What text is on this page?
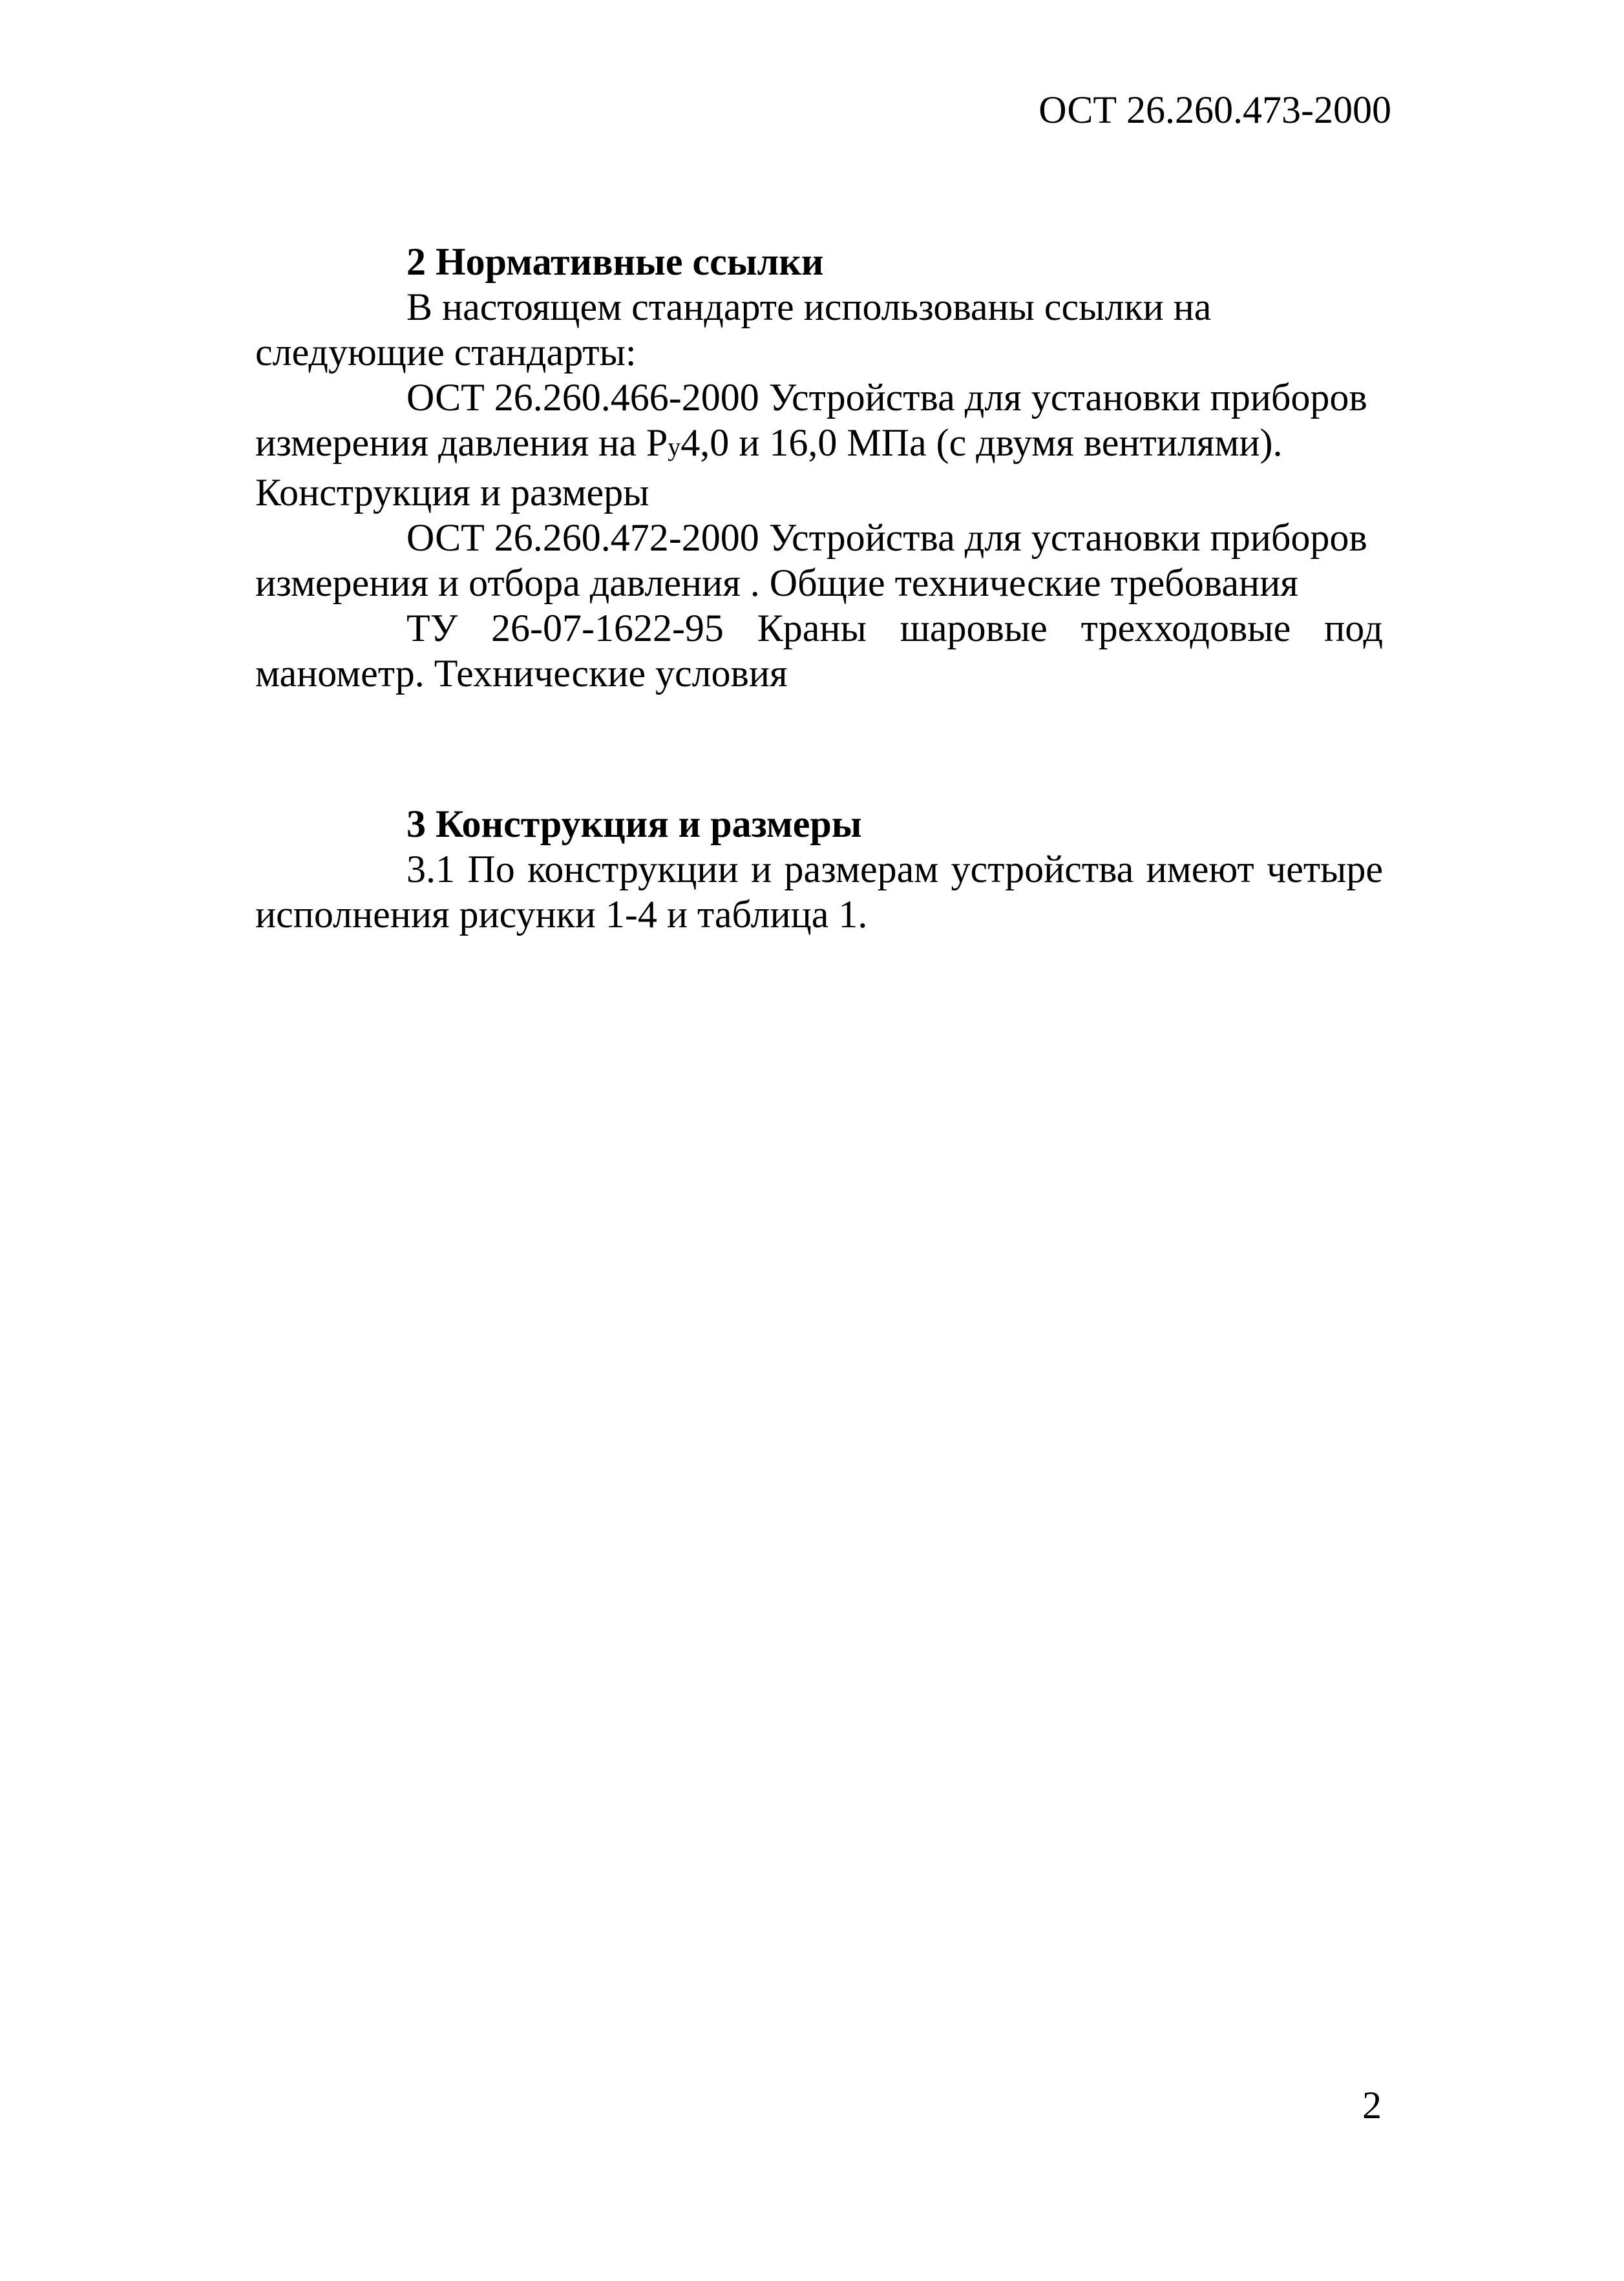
ОСТ 26.260.473-2000

2 Нормативные ссылки

В настоящем стандарте использованы ссылки на следующие стандарты:

ОСТ 26.260.466-2000 Устройства для установки приборов измерения давления на Ру4,0 и 16,0 МПа (с двумя вентилями). Конструкция и размеры

ОСТ 26.260.472-2000 Устройства для установки приборов измерения и отбора давления . Общие технические требования

ТУ 26-07-1622-95 Краны шаровые трехходовые под манометр. Технические условия

3 Конструкция и размеры

3.1 По конструкции и размерам устройства имеют четыре исполнения рисунки 1-4 и таблица 1.

2
